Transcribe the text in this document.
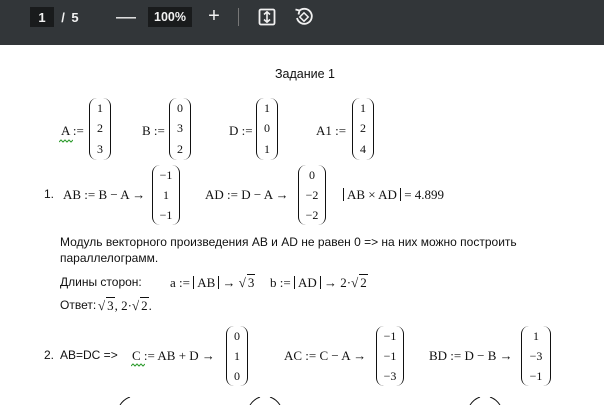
1	/ 5 —	100%	+
Задание 1
A :=
1
2
3
B :=
0
3
2
D :=
1
0
1
A1 :=
1
2
4
1. AB := B − A →
−1
1
−1
AD := D − A →
0
−2
−2
AB × AD = 4.899
Модуль векторного произведения AB и AD не равен 0 => на них можно построить
параллелограмм.
Длины сторон: a := AB → √ 3 b := AD → 2·√ 2
Ответ: √ 3, 2·√ 2.
2. AB=DC => C := AB + D →
0
1
0
AC := C − A →
−1
−1
−3
BD := D − B →
1
−3
−1
